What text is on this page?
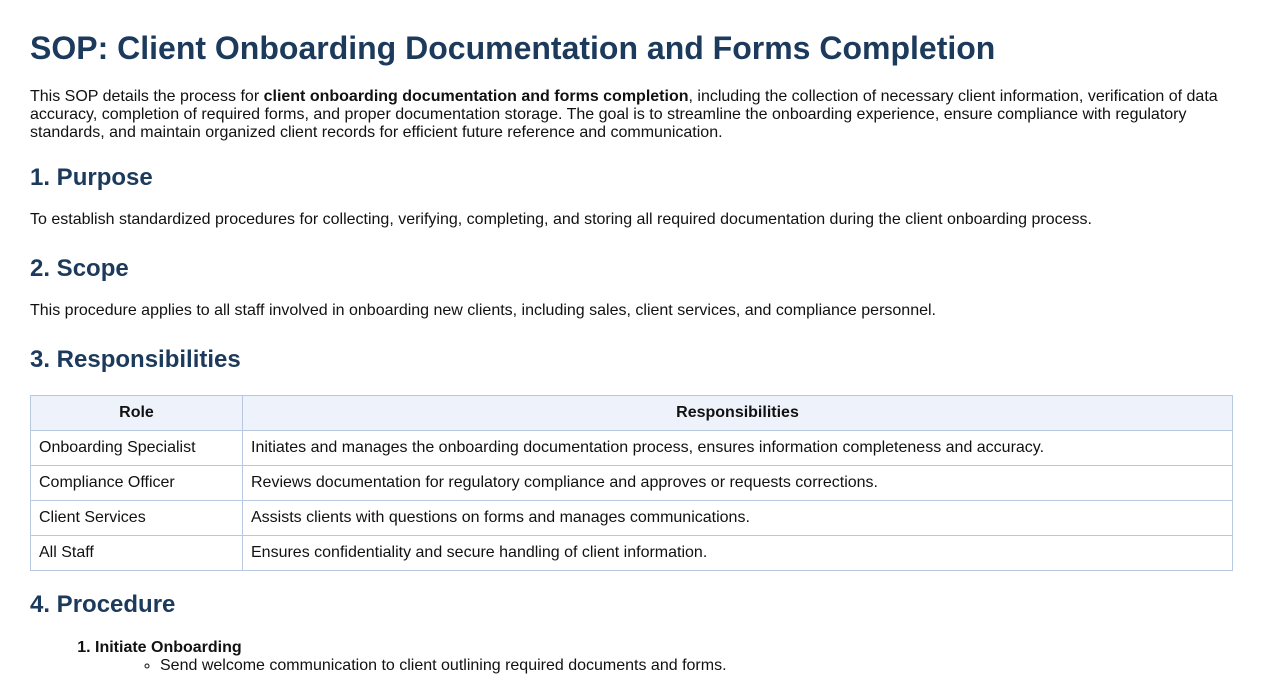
SOP: Client Onboarding Documentation and Forms Completion

This SOP details the process for client onboarding documentation and forms completion, including the collection of necessary client information, verification of data accuracy, completion of required forms, and proper documentation storage. The goal is to streamline the onboarding experience, ensure compliance with regulatory standards, and maintain organized client records for efficient future reference and communication.

1. Purpose

To establish standardized procedures for collecting, verifying, completing, and storing all required documentation during the client onboarding process.

2. Scope

This procedure applies to all staff involved in onboarding new clients, including sales, client services, and compliance personnel.

3. Responsibilities
Role	Responsibilities
Onboarding Specialist	Initiates and manages the onboarding documentation process, ensures information completeness and accuracy.
Compliance Officer	Reviews documentation for regulatory compliance and approves or requests corrections.
Client Services	Assists clients with questions on forms and manages communications.
All Staff	Ensures confidentiality and secure handling of client information.
4. Procedure
1. Initiate Onboarding
◦ Send welcome communication to client outlining required documents and forms.
